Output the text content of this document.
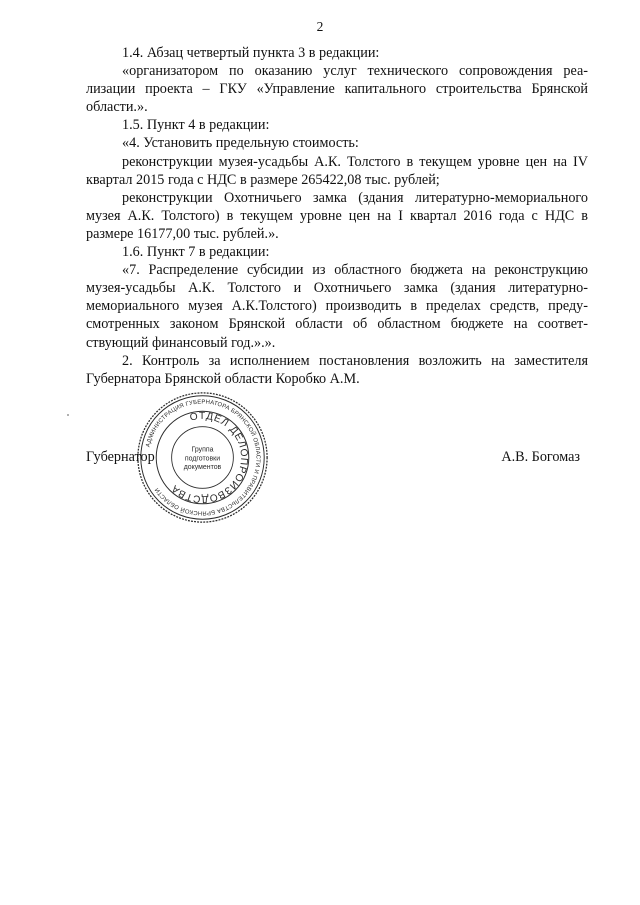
2

1.4. Абзац четвертый пункта 3 в редакции:

«организатором по оказанию услуг технического сопровождения реализации проекта – ГКУ «Управление капитального строительства Брянской области.».

1.5. Пункт 4 в редакции:

«4. Установить предельную стоимость:

реконструкции музея-усадьбы А.К. Толстого в текущем уровне цен на IV квартал 2015 года с НДС в размере 265422,08 тыс. рублей;

реконструкции Охотничьего замка (здания литературно-мемориального музея А.К. Толстого) в текущем уровне цен на I квартал 2016 года с НДС в размере 16177,00 тыс. рублей.».

1.6. Пункт 7 в редакции:

«7. Распределение субсидии из областного бюджета на реконструкцию музея-усадьбы А.К. Толстого и Охотничьего замка (здания литературно-мемориального музея А.К.Толстого) производить в пределах средств, предусмотренных законом Брянской области об областном бюджете на соответствующий финансовый год.».».

2. Контроль за исполнением постановления возложить на заместителя Губернатора Брянской области Коробко А.М.

Губернатор	А.В. Богомаз
АДМИНИСТРАЦИЯ ГУБЕРНАТОРА БРЯНСКОЙ ОБЛАСТИ И ПРАВИТЕЛЬСТВА БРЯНСКОЙ ОБЛАСТИ
ОТДЕЛ ДЕЛОПРОИЗВОДСТВА
Группа
подготовки
документов
